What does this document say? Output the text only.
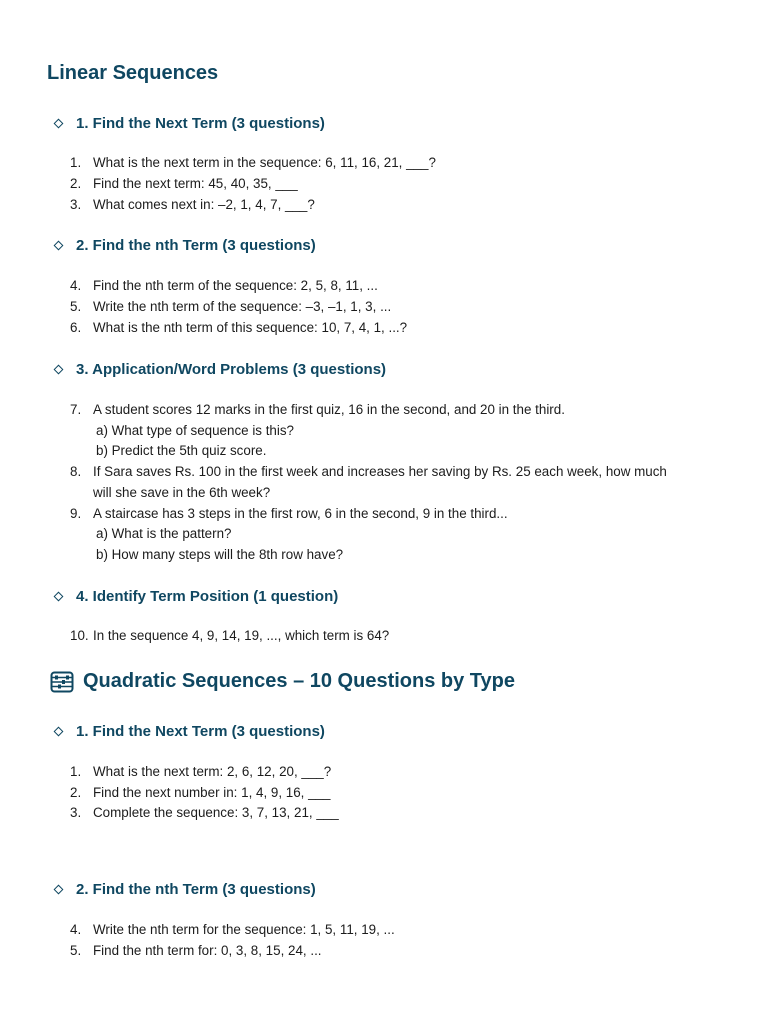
Linear Sequences
1. Find the Next Term (3 questions)
1. What is the next term in the sequence: 6, 11, 16, 21, ___?
2. Find the next term: 45, 40, 35, ___
3. What comes next in: –2, 1, 4, 7, ___?
2. Find the nth Term (3 questions)
4. Find the nth term of the sequence: 2, 5, 8, 11, ...
5. Write the nth term of the sequence: –3, –1, 1, 3, ...
6. What is the nth term of this sequence: 10, 7, 4, 1, ...?
3. Application/Word Problems (3 questions)
7. A student scores 12 marks in the first quiz, 16 in the second, and 20 in the third.
a) What type of sequence is this?
b) Predict the 5th quiz score.
8. If Sara saves Rs. 100 in the first week and increases her saving by Rs. 25 each week, how much
will she save in the 6th week?
9. A staircase has 3 steps in the first row, 6 in the second, 9 in the third...
a) What is the pattern?
b) How many steps will the 8th row have?
4. Identify Term Position (1 question)
10. In the sequence 4, 9, 14, 19, ..., which term is 64?
Quadratic Sequences – 10 Questions by Type
1. Find the Next Term (3 questions)
1. What is the next term: 2, 6, 12, 20, ___?
2. Find the next number in: 1, 4, 9, 16, ___
3. Complete the sequence: 3, 7, 13, 21, ___
2. Find the nth Term (3 questions)
4. Write the nth term for the sequence: 1, 5, 11, 19, ...
5. Find the nth term for: 0, 3, 8, 15, 24, ...
